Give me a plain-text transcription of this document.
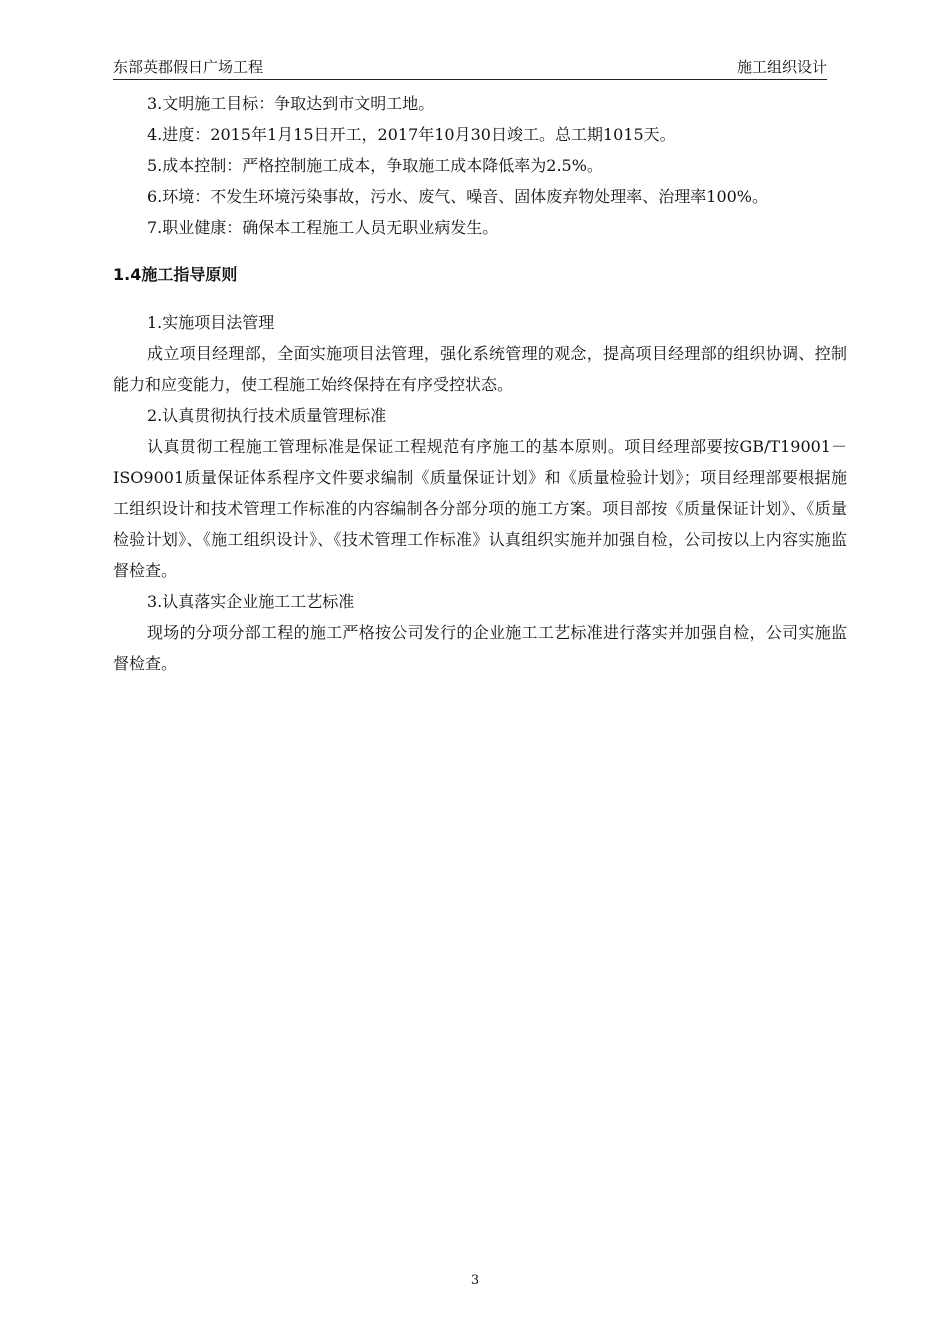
东部英郡假日广场工程	施工组织设计

3.文明施工目标：争取达到市文明工地。

4.进度：2015年1月15日开工，2017年10月30日竣工。总工期1015天。

5.成本控制：严格控制施工成本，争取施工成本降低率为2.5%。

6.环境：不发生环境污染事故，污水、废气、噪音、固体废弃物处理率、治理率100%。

7.职业健康：确保本工程施工人员无职业病发生。

1.4施工指导原则

1.实施项目法管理

成立项目经理部，全面实施项目法管理，强化系统管理的观念，提高项目经理部的组织协调、控制能力和应变能力，使工程施工始终保持在有序受控状态。

2.认真贯彻执行技术质量管理标准

认真贯彻工程施工管理标准是保证工程规范有序施工的基本原则。项目经理部要按GB/T19001－ISO9001质量保证体系程序文件要求编制《质量保证计划》和《质量检验计划》；项目经理部要根据施工组织设计和技术管理工作标准的内容编制各分部分项的施工方案。项目部按《质量保证计划》、《质量检验计划》、《施工组织设计》、《技术管理工作标准》认真组织实施并加强自检，公司按以上内容实施监督检查。

3.认真落实企业施工工艺标准

现场的分项分部工程的施工严格按公司发行的企业施工工艺标准进行落实并加强自检，公司实施监督检查。

3
